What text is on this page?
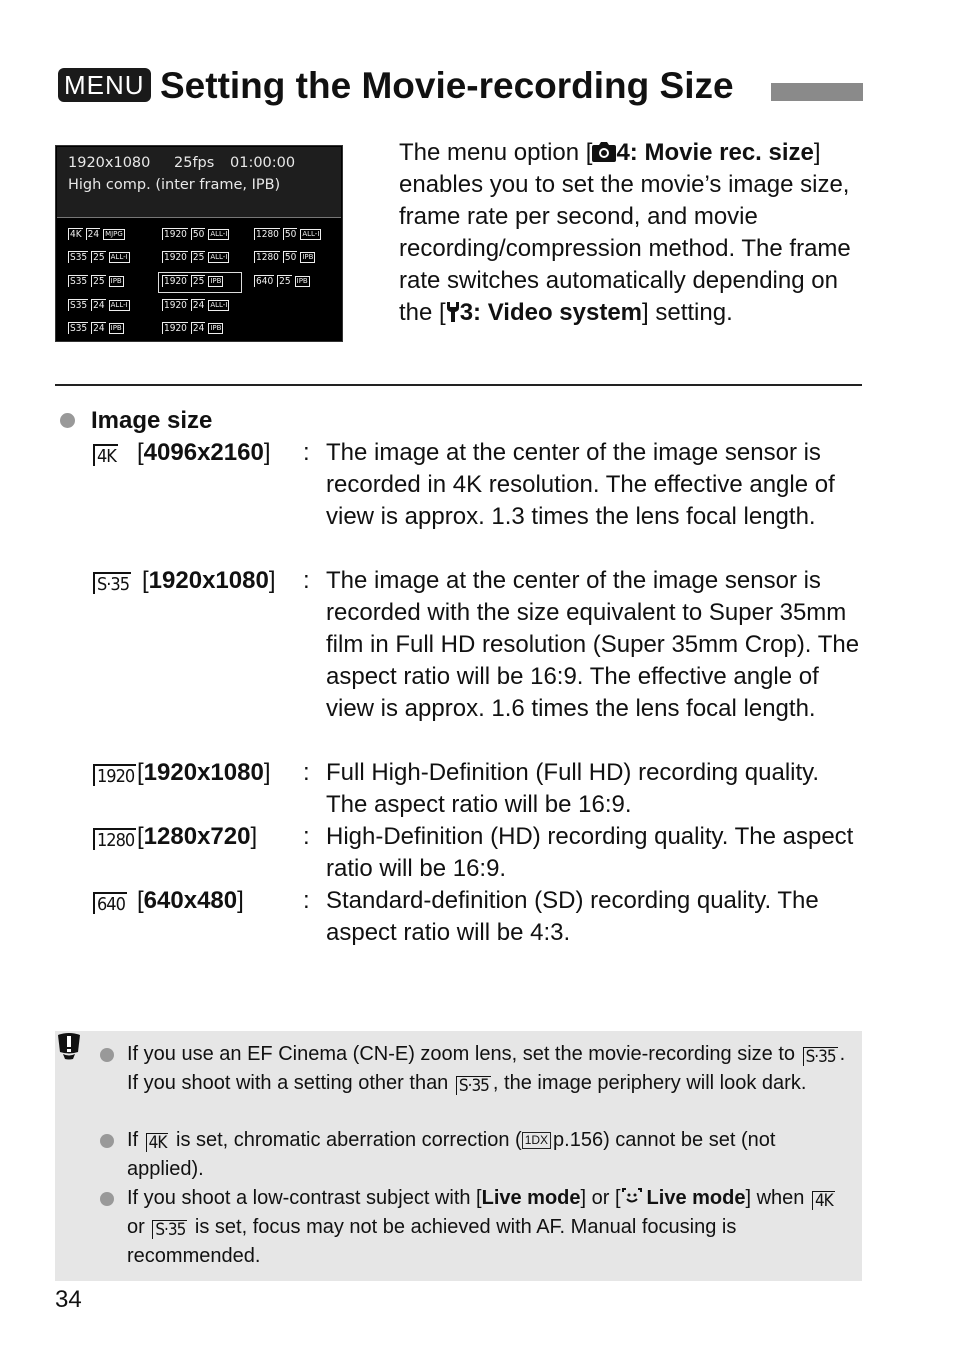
MENU Setting the Movie-recording Size
1920x1080 25fps 01:00:00
High comp. (inter frame, IPB)
4K 24 MJPG
S35 25 ALL-I
S35 25 IPB
S35 24 ALL-I
S35 24 IPB
1920 50 ALL-I
1920 25 ALL-I
1920 25 IPB
1920 24 ALL-I
1920 24 IPB
1280 50 ALL-I
1280 50 IPB
640 25 IPB
The menu option [ 4: Movie rec. size] enables you to set the movie’s image size, frame rate per second, and movie recording/compression method. The frame rate switches automatically depending on the [ 3: Video system] setting.
Image size
4K [4096x2160] : The image at the center of the image sensor is recorded in 4K resolution. The effective angle of view is approx. 1.3 times the lens focal length.
S·35 [1920x1080] : The image at the center of the image sensor is recorded with the size equivalent to Super 35mm film in Full HD resolution (Super 35mm Crop). The aspect ratio will be 16:9. The effective angle of view is approx. 1.6 times the lens focal length.
1920 [1920x1080] : Full High-Definition (Full HD) recording quality. The aspect ratio will be 16:9.
1280 [1280x720] : High-Definition (HD) recording quality. The aspect ratio will be 16:9.
640 [640x480] : Standard-definition (SD) recording quality. The aspect ratio will be 4:3.
If you use an EF Cinema (CN-E) zoom lens, set the movie-recording size to S·35 . If you shoot with a setting other than S·35 , the image periphery will look dark.
If 4K is set, chromatic aberration correction ( 1DX p.156) cannot be set (not applied).
If you shoot a low-contrast subject with [Live mode] or [ Live mode] when 4K or S·35 is set, focus may not be achieved with AF. Manual focusing is recommended.
34
